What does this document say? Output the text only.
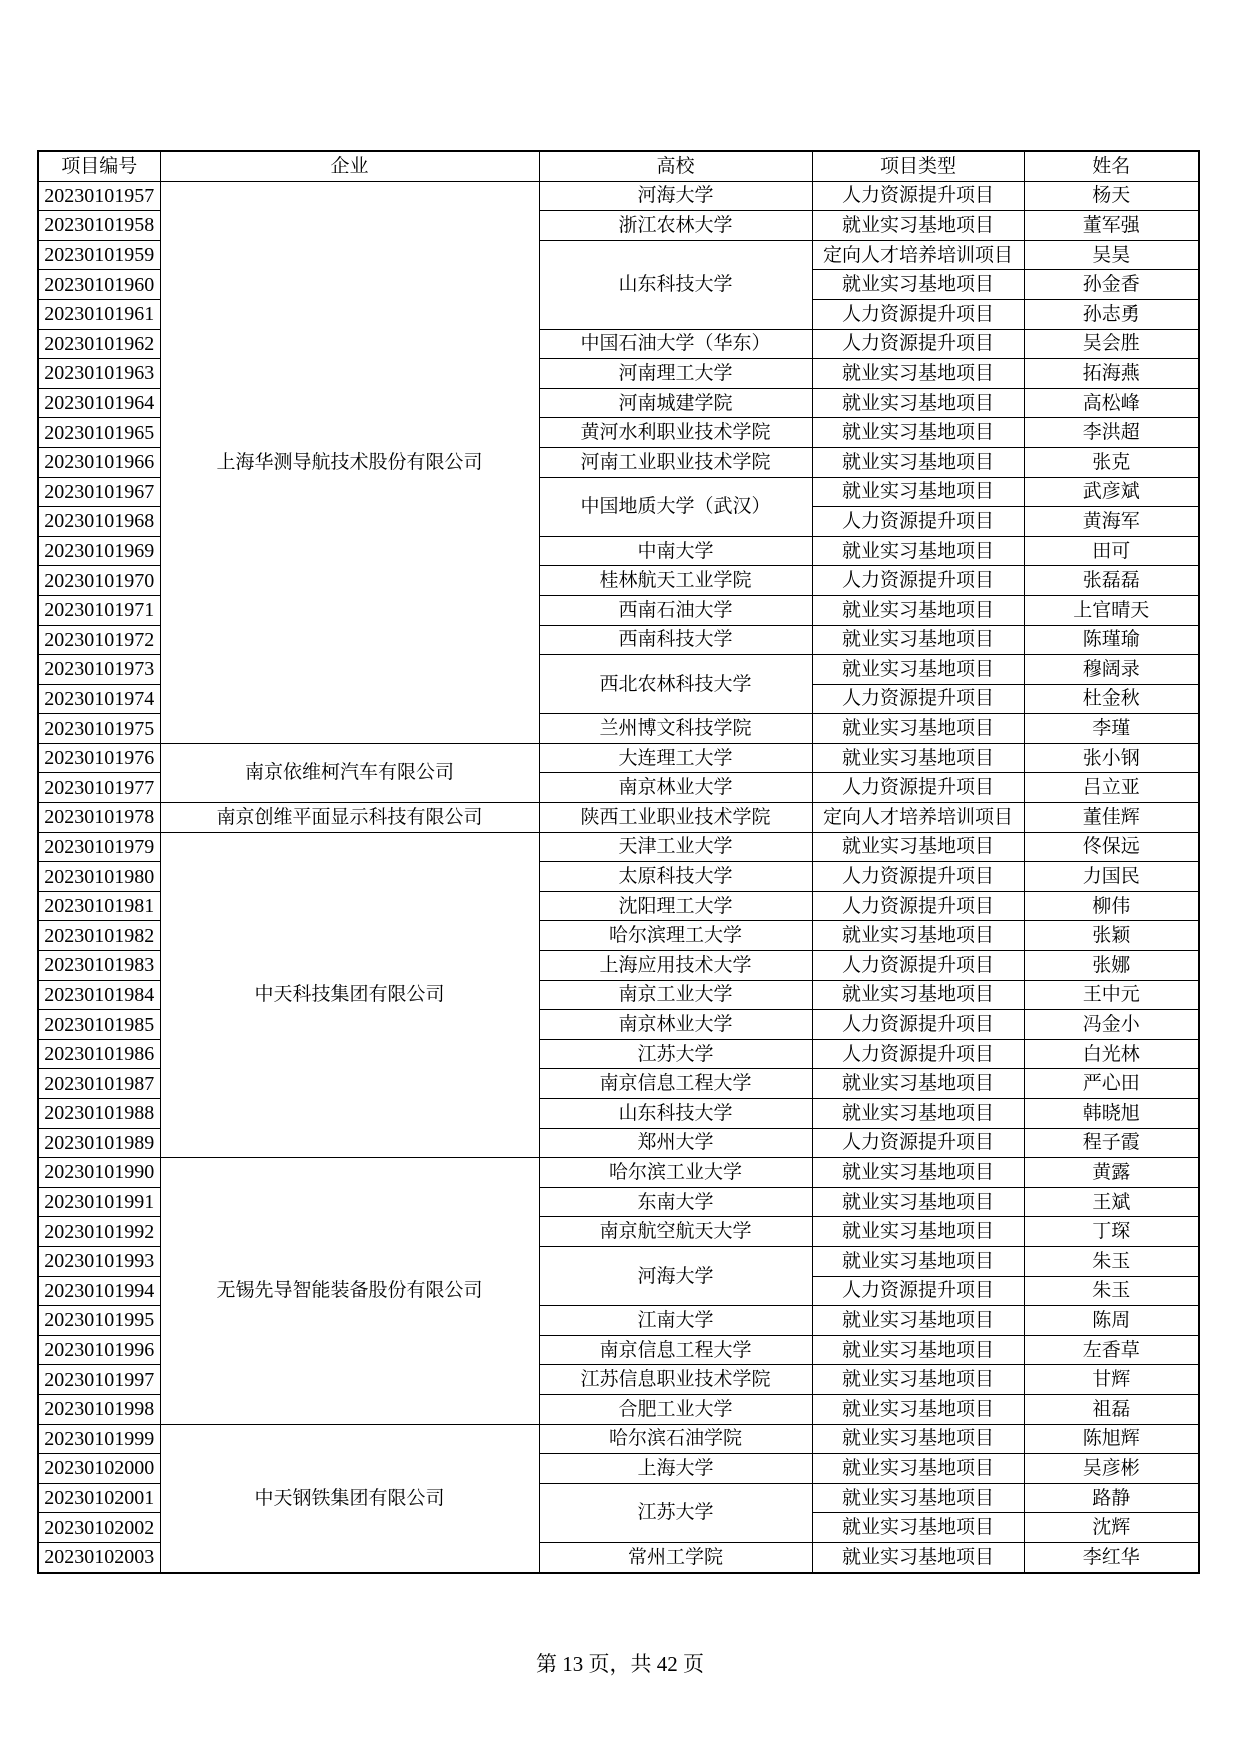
项目编号	企业	高校	项目类型	姓名
20230101957	上海华测导航技术股份有限公司	河海大学	人力资源提升项目	杨天
20230101958		浙江农林大学	就业实习基地项目	董军强
20230101959		山东科技大学	定向人才培养培训项目	吴昊
20230101960			就业实习基地项目	孙金香
20230101961			人力资源提升项目	孙志勇
20230101962		中国石油大学（华东）	人力资源提升项目	吴会胜
20230101963		河南理工大学	就业实习基地项目	拓海燕
20230101964		河南城建学院	就业实习基地项目	高松峰
20230101965		黄河水利职业技术学院	就业实习基地项目	李洪超
20230101966		河南工业职业技术学院	就业实习基地项目	张克
20230101967		中国地质大学（武汉）	就业实习基地项目	武彦斌
20230101968			人力资源提升项目	黄海军
20230101969		中南大学	就业实习基地项目	田可
20230101970		桂林航天工业学院	人力资源提升项目	张磊磊
20230101971		西南石油大学	就业实习基地项目	上官晴天
20230101972		西南科技大学	就业实习基地项目	陈瑾瑜
20230101973		西北农林科技大学	就业实习基地项目	穆阔录
20230101974			人力资源提升项目	杜金秋
20230101975		兰州博文科技学院	就业实习基地项目	李瑾
20230101976	南京依维柯汽车有限公司	大连理工大学	就业实习基地项目	张小钢
20230101977		南京林业大学	人力资源提升项目	吕立亚
20230101978	南京创维平面显示科技有限公司	陕西工业职业技术学院	定向人才培养培训项目	董佳辉
20230101979	中天科技集团有限公司	天津工业大学	就业实习基地项目	佟保远
20230101980		太原科技大学	人力资源提升项目	力国民
20230101981		沈阳理工大学	人力资源提升项目	柳伟
20230101982		哈尔滨理工大学	就业实习基地项目	张颖
20230101983		上海应用技术大学	人力资源提升项目	张娜
20230101984		南京工业大学	就业实习基地项目	王中元
20230101985		南京林业大学	人力资源提升项目	冯金小
20230101986		江苏大学	人力资源提升项目	白光林
20230101987		南京信息工程大学	就业实习基地项目	严心田
20230101988		山东科技大学	就业实习基地项目	韩晓旭
20230101989		郑州大学	人力资源提升项目	程子霞
20230101990	无锡先导智能装备股份有限公司	哈尔滨工业大学	就业实习基地项目	黄露
20230101991		东南大学	就业实习基地项目	王斌
20230101992		南京航空航天大学	就业实习基地项目	丁琛
20230101993		河海大学	就业实习基地项目	朱玉
20230101994			人力资源提升项目	朱玉
20230101995		江南大学	就业实习基地项目	陈周
20230101996		南京信息工程大学	就业实习基地项目	左香草
20230101997		江苏信息职业技术学院	就业实习基地项目	甘辉
20230101998		合肥工业大学	就业实习基地项目	祖磊
20230101999	中天钢铁集团有限公司	哈尔滨石油学院	就业实习基地项目	陈旭辉
20230102000		上海大学	就业实习基地项目	吴彦彬
20230102001		江苏大学	就业实习基地项目	路静
20230102002			就业实习基地项目	沈辉
20230102003		常州工学院	就业实习基地项目	李红华
第 13 页，共 42 页
